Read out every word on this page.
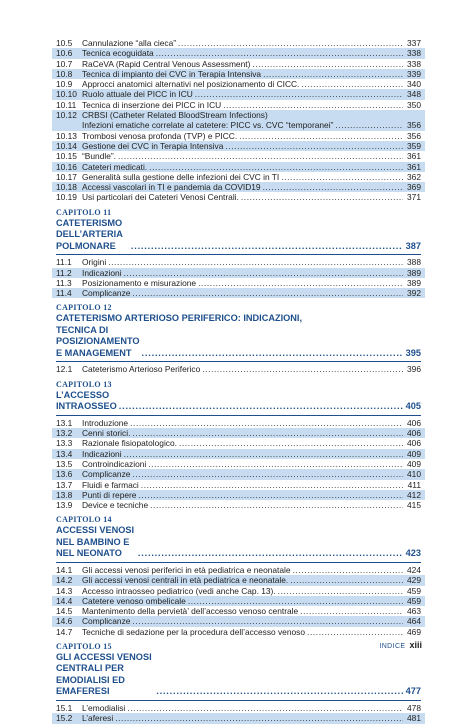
10.5	Cannulazione “alla cieca” .....	337
10.6	Tecnica ecoguidata .....	338
10.7	RaCeVA (Rapid Central Venous Assessment) .....	338
10.8	Tecnica di impianto dei CVC in Terapia Intensiva .....	339
10.9	Approcci anatomici alternativi nel posizionamento di CICC. .....	340
10.10 Ruolo attuale dei PICC in ICU .....	348
10.11 Tecnica di inserzione dei PICC in ICU .....	350
10.12 CRBSI (Catheter Related BloodStream Infections)
Infezioni ematiche correlate al catetere: PICC vs. CVC “temporanei” .....	356
10.13 Trombosi venosa profonda (TVP) e PICC. .....	356
10.14 Gestione dei CVC in Terapia Intensiva .....	359
10.15 “Bundle”. .....	361
10.16 Cateteri medicati. .....	361
10.17 Generalità sulla gestione delle infezioni dei CVC in TI .....	362
10.18 Accessi vascolari in TI e pandemia da COVID19 .....	369
10.19 Usi particolari dei Cateteri Venosi Centrali. .....	371
CAPITOLO 11
CATETERISMO DELL’ARTERIA POLMONARE .....	387
11.1	Origini .....	388
11.2	Indicazioni .....	389
11.3	Posizionamento e misurazione .....	389
11.4	Complicanze .....	392
CAPITOLO 12
CATETERISMO ARTERIOSO PERIFERICO: INDICAZIONI,
TECNICA DI POSIZIONAMENTO E MANAGEMENT .....	395
12.1	Cateterismo Arterioso Periferico .....	396
CAPITOLO 13
L’ACCESSO INTRAOSSEO .....	405
13.1	Introduzione .....	406
13.2	Cenni storici. .....	406
13.3	Razionale fisiopatologico. .....	406
13.4	Indicazioni .....	409
13.5	Controindicazioni .....	409
13.6	Complicanze .....	410
13.7	Fluidi e farmaci .....	411
13.8	Punti di repere .....	412
13.9	Device e tecniche .....	415
CAPITOLO 14
ACCESSI VENOSI NEL BAMBINO E NEL NEONATO .....	423
14.1	Gli accessi venosi periferici in età pediatrica e neonatale .....	424
14.2	Gli accessi venosi centrali in età pediatrica e neonatale. .....	429
14.3	Accesso intraosseo pediatrico (vedi anche Cap. 13). .....	459
14.4	Catetere venoso ombelicale .....	459
14.5	Mantenimento della pervietà’ dell’accesso venoso centrale .....	463
14.6	Complicanze .....	464
14.7	Tecniche di sedazione per la procedura dell’accesso venoso .....	469
CAPITOLO 15
GLI ACCESSI VENOSI CENTRALI PER EMODIALISI ED EMAFERESI .....	477
15.1	L’emodialisi .....	478
15.2	L’aferesi .....	481
INDICE xiii
